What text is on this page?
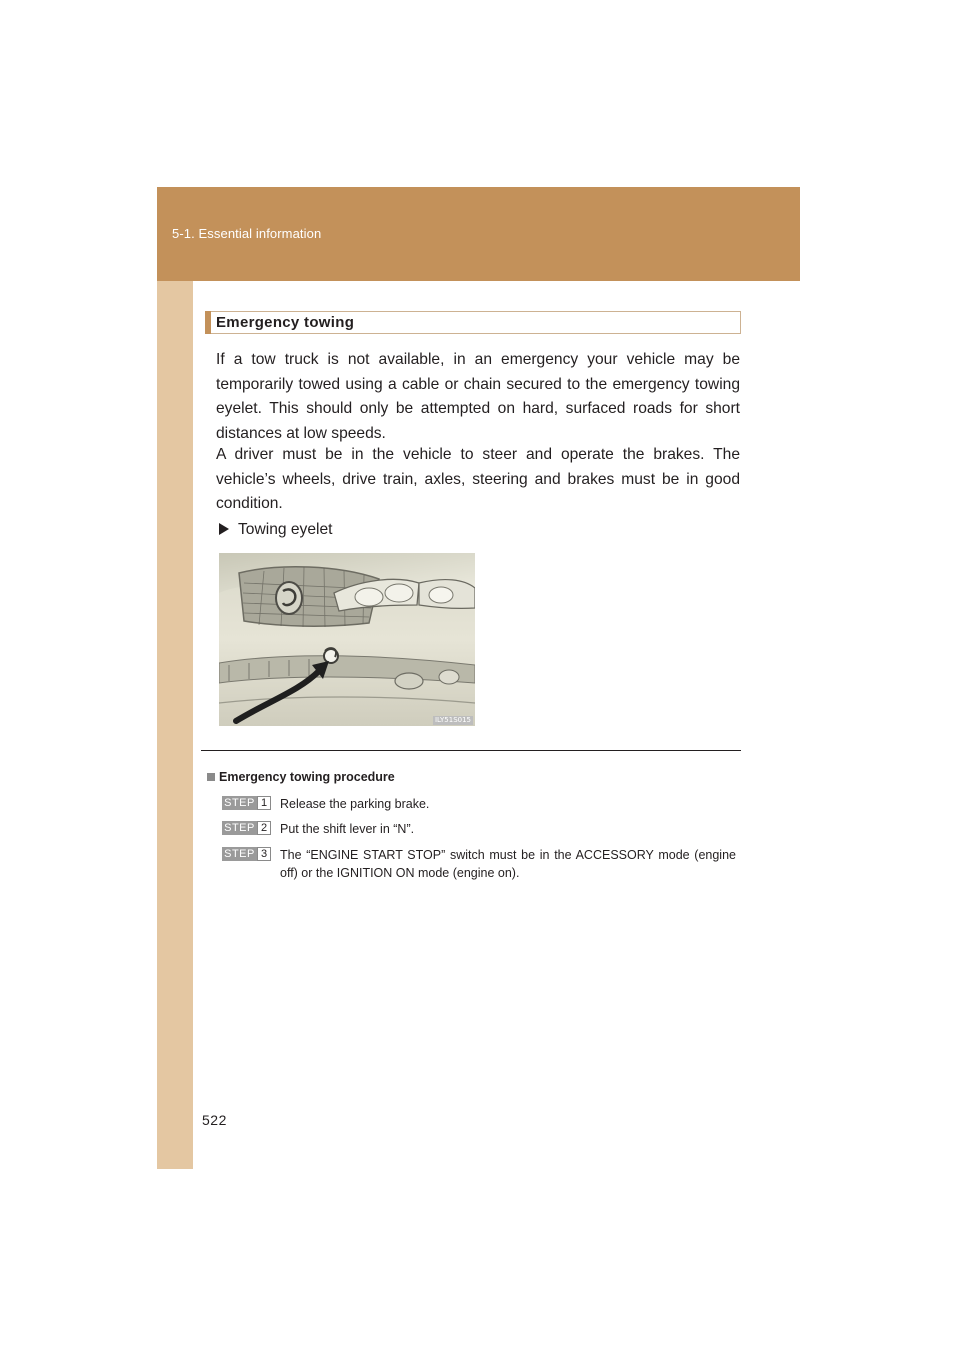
5-1. Essential information
Emergency towing

If a tow truck is not available, in an emergency your vehicle may be temporarily towed using a cable or chain secured to the emergency towing eyelet. This should only be attempted on hard, surfaced roads for short distances at low speeds.

A driver must be in the vehicle to steer and operate the brakes. The vehicle’s wheels, drive train, axles, steering and brakes must be in good condition.

Towing eyelet
ILY51S015
Emergency towing procedure
STEP 1	Release the parking brake.
STEP 2	Put the shift lever in “N”.
STEP 3	The “ENGINE START STOP” switch must be in the ACCESSORY mode (engine off) or the IGNITION ON mode (engine on).
522
